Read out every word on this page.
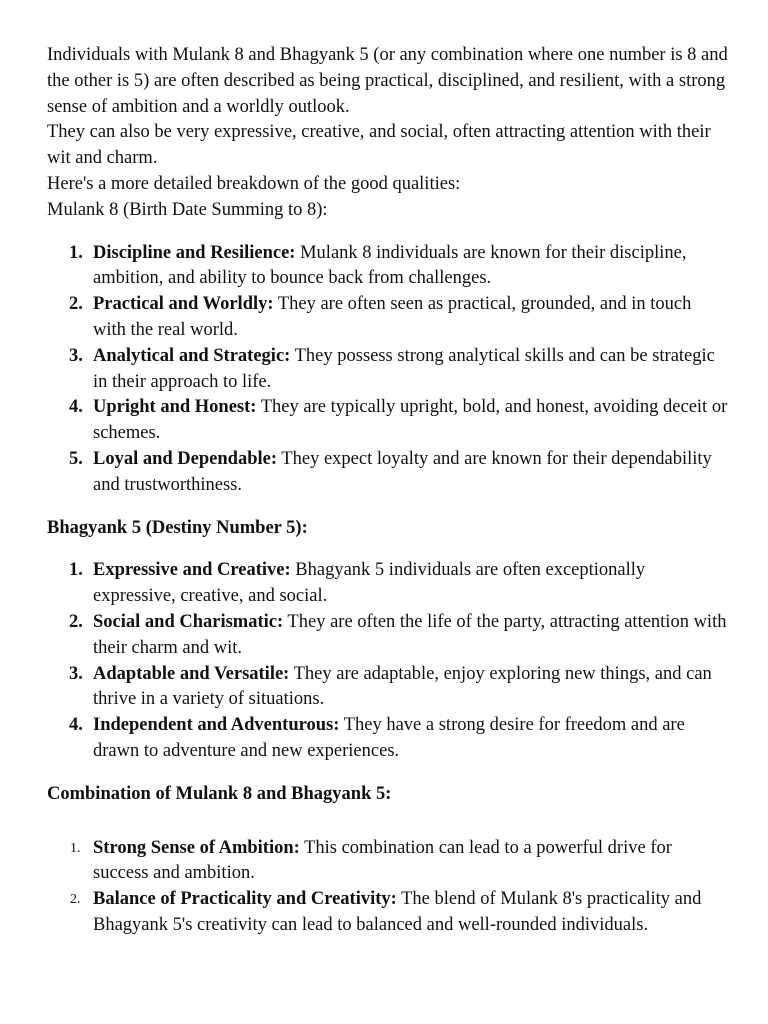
Individuals with Mulank 8 and Bhagyank 5 (or any combination where one number is 8 and the other is 5) are often described as being practical, disciplined, and resilient, with a strong sense of ambition and a worldly outlook.

They can also be very expressive, creative, and social, often attracting attention with their wit and charm.

Here's a more detailed breakdown of the good qualities:

Mulank 8 (Birth Date Summing to 8):

Discipline and Resilience: Mulank 8 individuals are known for their discipline, ambition, and ability to bounce back from challenges.
Practical and Worldly: They are often seen as practical, grounded, and in touch with the real world.
Analytical and Strategic: They possess strong analytical skills and can be strategic in their approach to life.
Upright and Honest: They are typically upright, bold, and honest, avoiding deceit or schemes.
Loyal and Dependable: They expect loyalty and are known for their dependability and trustworthiness.

Bhagyank 5 (Destiny Number 5):

Expressive and Creative: Bhagyank 5 individuals are often exceptionally expressive, creative, and social.
Social and Charismatic: They are often the life of the party, attracting attention with their charm and wit.
Adaptable and Versatile: They are adaptable, enjoy exploring new things, and can thrive in a variety of situations.
Independent and Adventurous: They have a strong desire for freedom and are drawn to adventure and new experiences.

Combination of Mulank 8 and Bhagyank 5:

Strong Sense of Ambition: This combination can lead to a powerful drive for success and ambition.
Balance of Practicality and Creativity: The blend of Mulank 8's practicality and Bhagyank 5's creativity can lead to balanced and well-rounded individuals.
